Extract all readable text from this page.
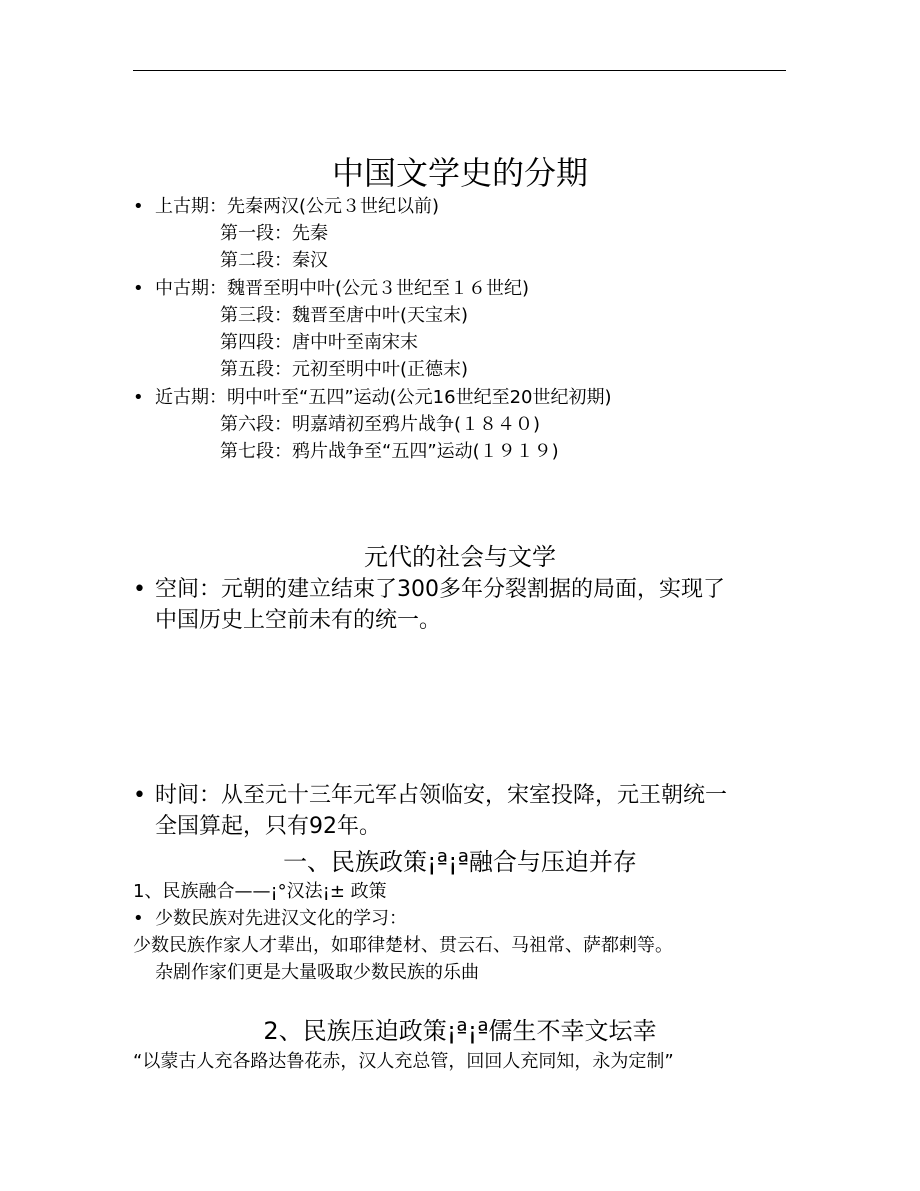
中国文学史的分期
• 上古期：先秦两汉(公元３世纪以前)
第一段：先秦
第二段：秦汉
• 中古期：魏晋至明中叶(公元３世纪至１６世纪)
第三段：魏晋至唐中叶(天宝末)
第四段：唐中叶至南宋末
第五段：元初至明中叶(正德末)
• 近古期：明中叶至“五四”运动(公元16世纪至20世纪初期)
第六段：明嘉靖初至鸦片战争(１８４０)
第七段：鸦片战争至“五四”运动(１９１９)
元代的社会与文学
• 空间：元朝的建立结束了300多年分裂割据的局面，实现了
中国历史上空前未有的统一。
• 时间：从至元十三年元军占领临安，宋室投降，元王朝统一
全国算起，只有92年。
一、民族政策¡ª¡ª融合与压迫并存
1、民族融合——¡°汉法¡± 政策
• 少数民族对先进汉文化的学习：
少数民族作家人才辈出，如耶律楚材、贯云石、马祖常、萨都剌等。
杂剧作家们更是大量吸取少数民族的乐曲
2、民族压迫政策¡ª¡ª儒生不幸文坛幸
“以蒙古人充各路达鲁花赤，汉人充总管，回回人充同知，永为定制”
